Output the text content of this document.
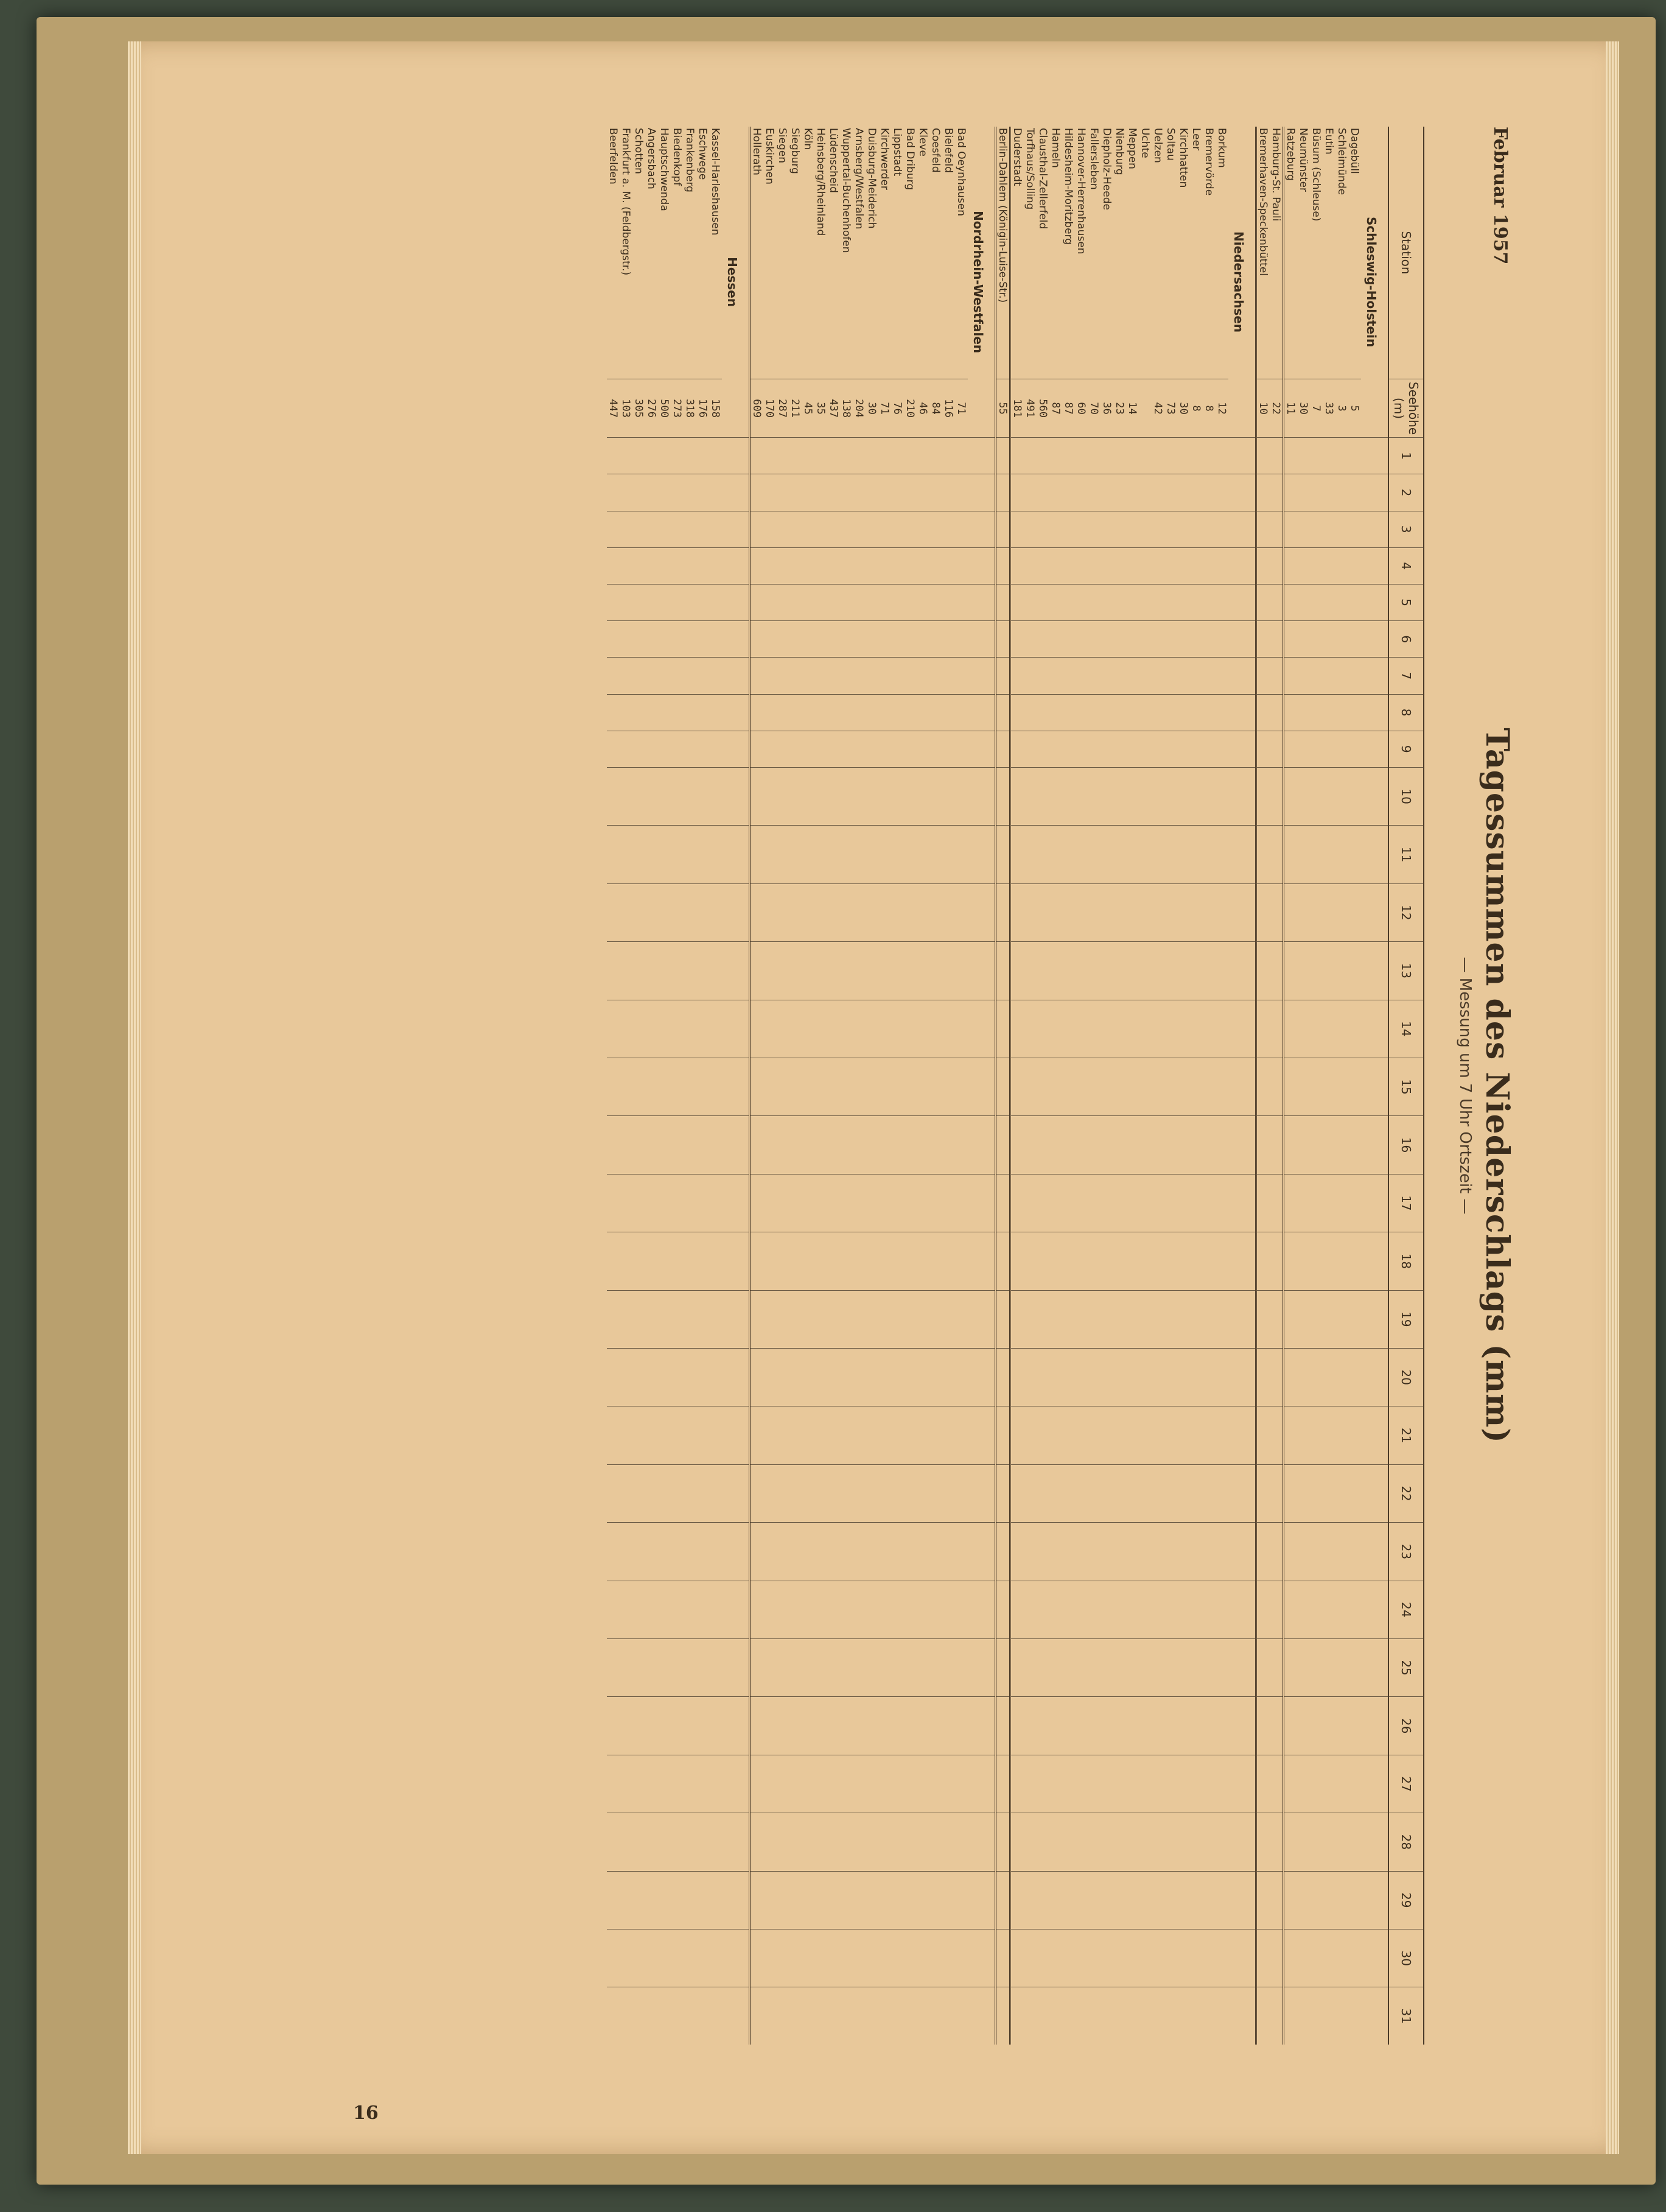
Februar 1957
Tagessummen des Niederschlags (mm)
— Messung um 7 Uhr Ortszeit —
Station	Seehöhe (m)	1	2	3	4	5	6	7	8	9	10	11	12	13	14	15	16	17	18	19	20	21	22	23	24	25	26	27	28	29	30	31
Schleswig-Holstein																																
Dagebüll	5																															
Schleimünde	3																															
Eutin	33																															
Büsum (Schleuse)	7																															
Neumünster	30																															
Ratzeburg	11																															
Hamburg-St. Pauli	22																															
Bremerhaven-Speckenbüttel	10																															
Niedersachsen																																
Borkum	12																															
Bremervörde	8																															
Leer	8																															
Kirchhatten	30																															
Soltau	73																															
Uelzen	42																															
Uchte																																
Meppen	14																															
Nienburg	23																															
Diepholz-Heede	36																															
Fallersleben	70																															
Hannover-Herrenhausen	60																															
Hildesheim-Moritzberg	87																															
Hameln	87																															
Clausthal-Zellerfeld	560																															
Torfhaus/Solling	491																															
Duderstadt	181																															
Berlin-Dahlem (Königin-Luise-Str.)	55																															
Nordrhein-Westfalen																																
Bad Oeynhausen	71																															
Bielefeld	116																															
Coesfeld	84																															
Kleve	46																															
Bad Driburg	210																															
Lippstadt	76																															
Kirchwerder	71																															
Duisburg-Meiderich	30																															
Arnsberg/Westfalen	204																															
Wuppertal-Buchenhofen	138																															
Lüdenscheid	437																															
Heinsberg/Rheinland	35																															
Köln	45																															
Siegburg	211																															
Siegen	287																															
Euskirchen	170																															
Hollerath	609																															
Hessen																																
Kassel-Harleshausen	158																															
Eschwege	176																															
Frankenberg	318																															
Biedenkopf	273																															
Hauptschwenda	500																															
Angersbach	276																															
Schotten	305																															
Frankfurt a. M. (Feldbergstr.)	103																															
Beerfelden	447																															
16
